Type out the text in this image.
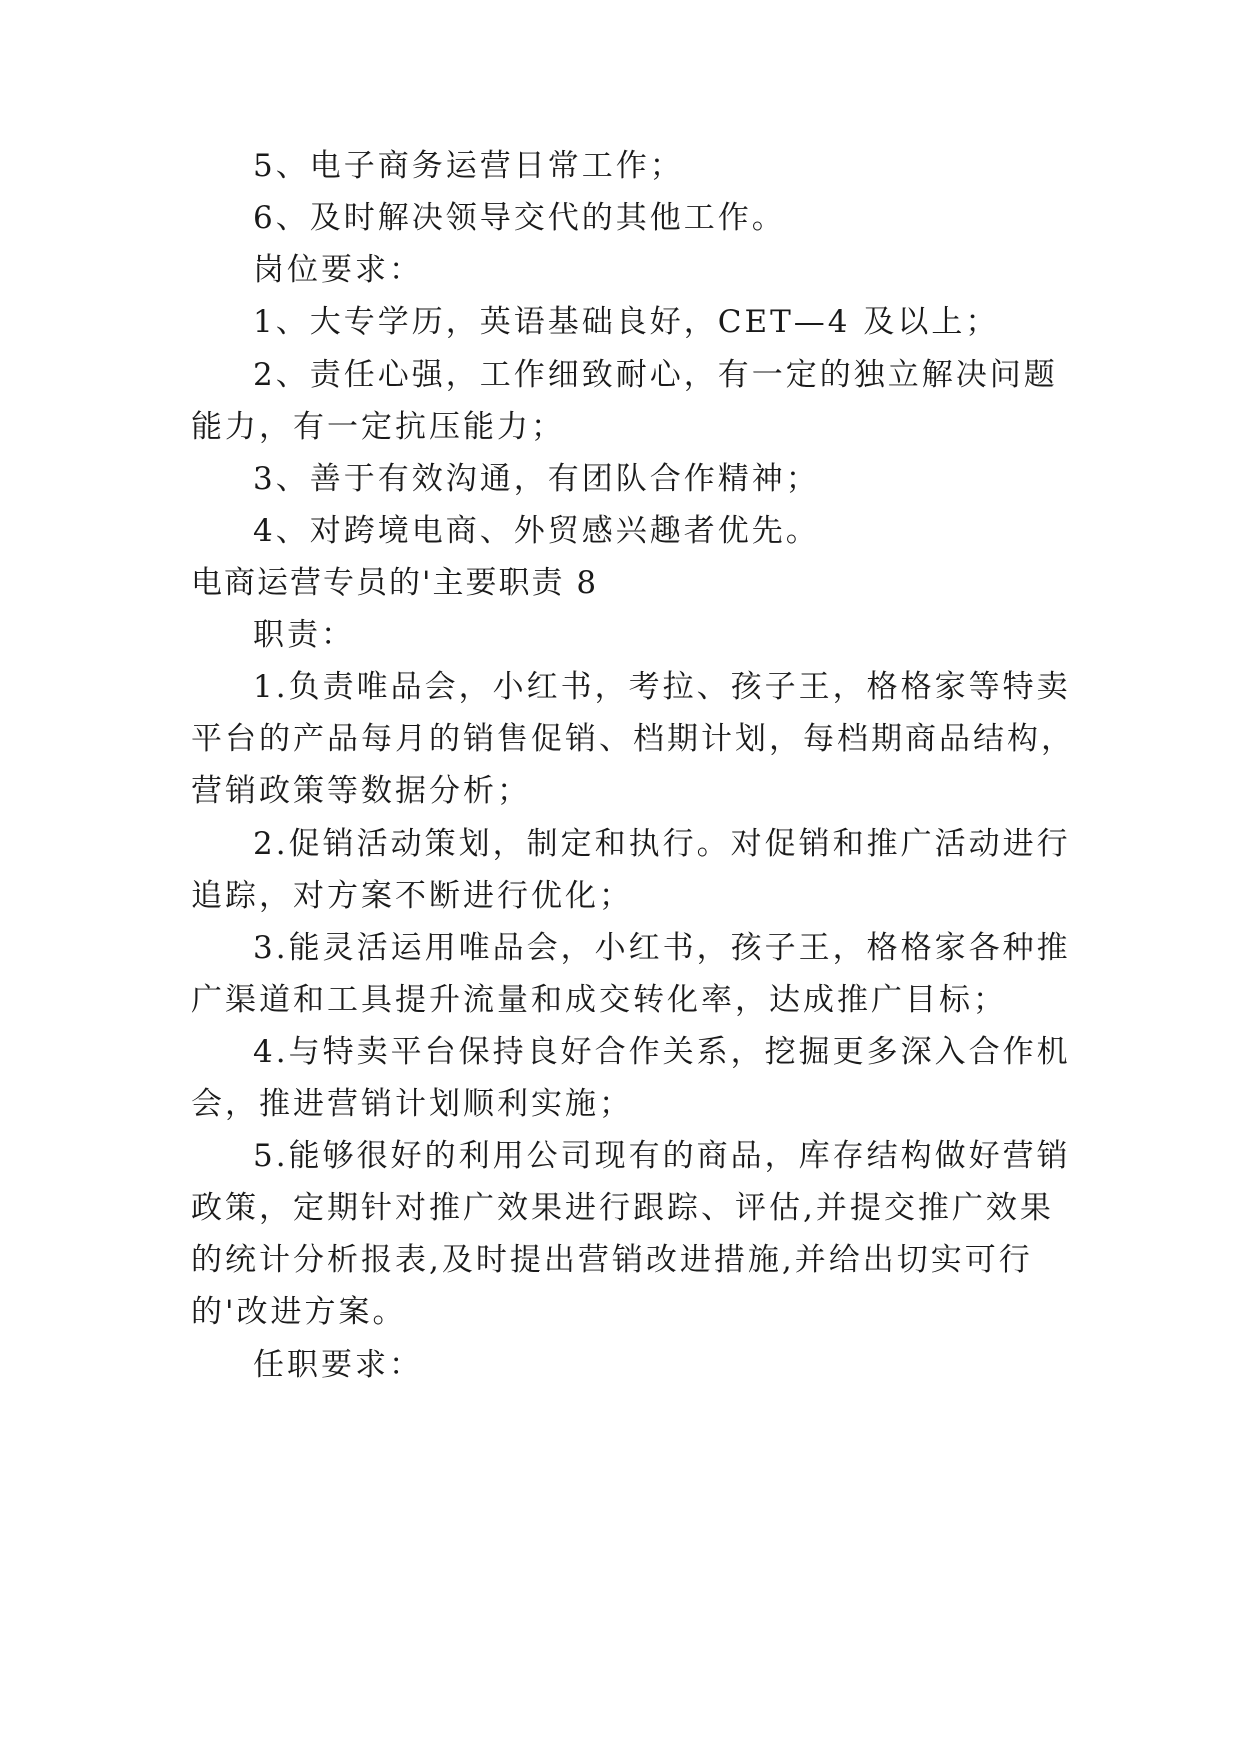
5、电子商务运营日常工作；
6、及时解决领导交代的其他工作。
岗位要求：
1、大专学历，英语基础良好，CET—4 及以上；
2、责任心强，工作细致耐心，有一定的独立解决问题
能力，有一定抗压能力；
3、善于有效沟通，有团队合作精神；
4、对跨境电商、外贸感兴趣者优先。
电商运营专员的'主要职责 8
职责：
1.负责唯品会，小红书，考拉、孩子王，格格家等特卖
平台的产品每月的销售促销、档期计划，每档期商品结构，
营销政策等数据分析；
2.促销活动策划，制定和执行。对促销和推广活动进行
追踪，对方案不断进行优化；
3.能灵活运用唯品会，小红书，孩子王，格格家各种推
广渠道和工具提升流量和成交转化率，达成推广目标；
4.与特卖平台保持良好合作关系，挖掘更多深入合作机
会，推进营销计划顺利实施；
5.能够很好的利用公司现有的商品，库存结构做好营销
政策，定期针对推广效果进行跟踪、评估,并提交推广效果
的统计分析报表,及时提出营销改进措施,并给出切实可行
的'改进方案。
任职要求：
